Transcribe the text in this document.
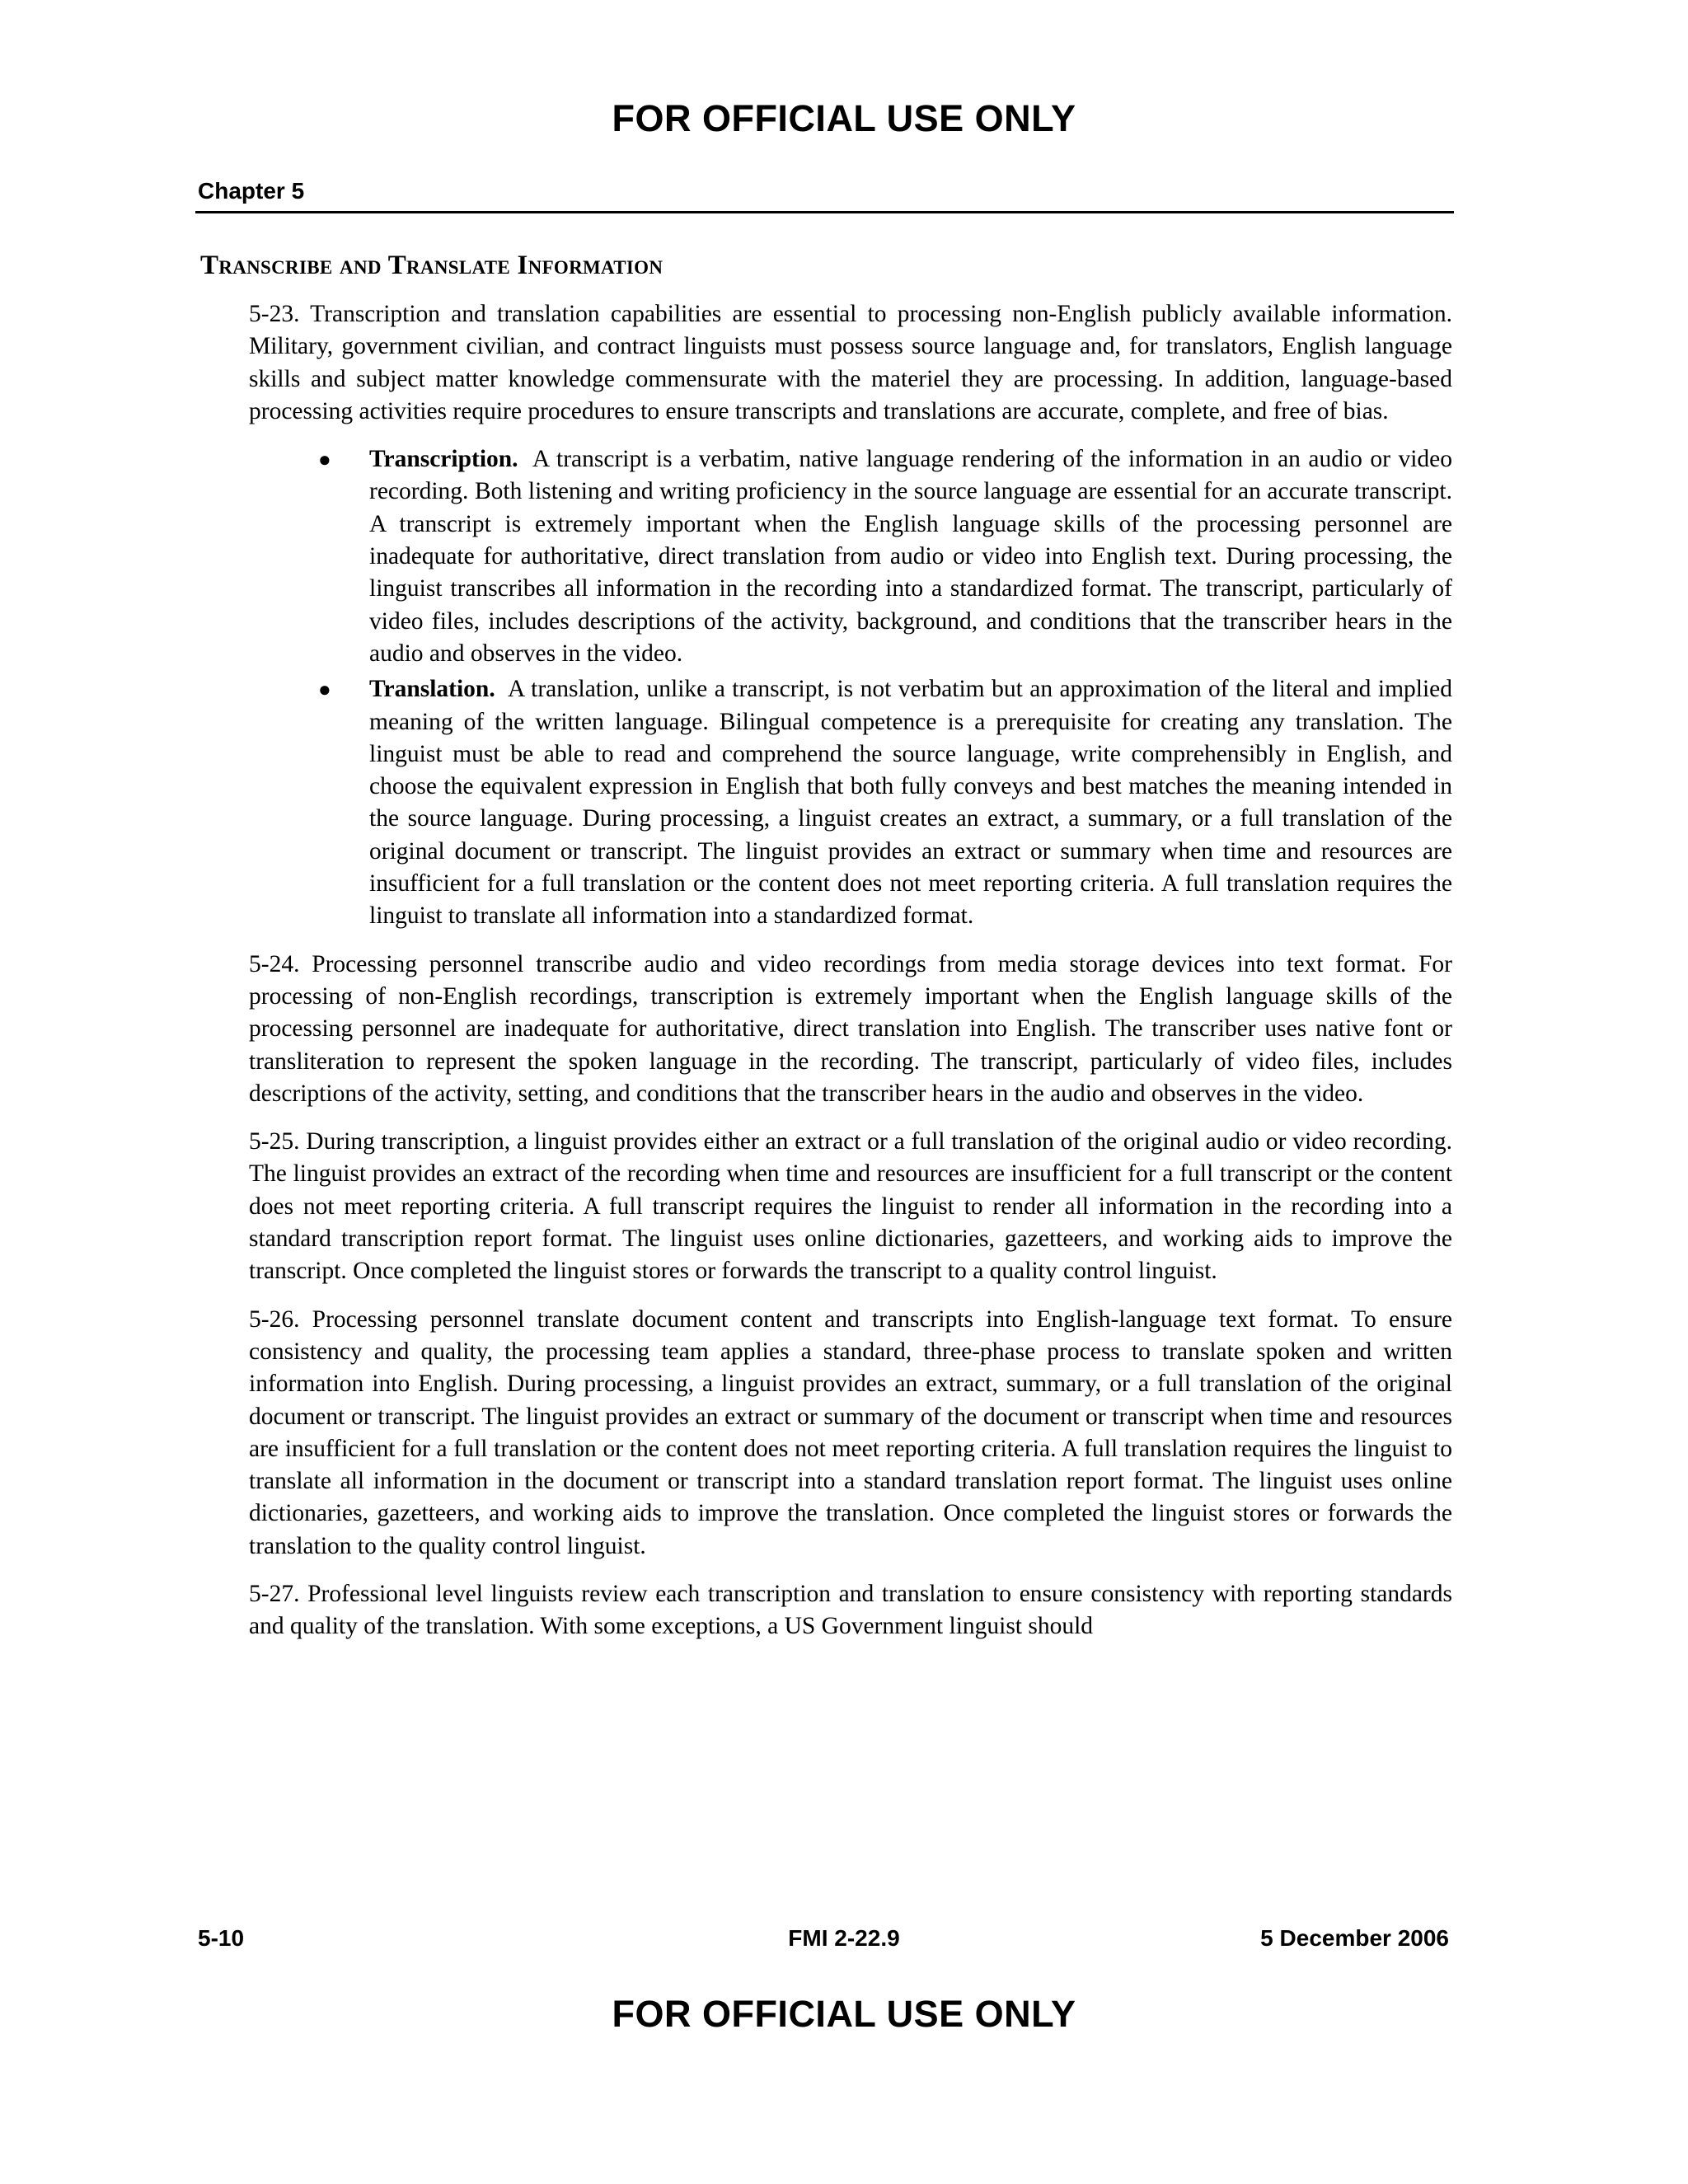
FOR OFFICIAL USE ONLY
Chapter 5
Transcribe and Translate Information

5-23. Transcription and translation capabilities are essential to processing non-English publicly available information. Military, government civilian, and contract linguists must possess source language and, for translators, English language skills and subject matter knowledge commensurate with the materiel they are processing. In addition, language-based processing activities require procedures to ensure transcripts and translations are accurate, complete, and free of bias.

● Transcription. A transcript is a verbatim, native language rendering of the information in an audio or video recording. Both listening and writing proficiency in the source language are essential for an accurate transcript. A transcript is extremely important when the English language skills of the processing personnel are inadequate for authoritative, direct translation from audio or video into English text. During processing, the linguist transcribes all information in the recording into a standardized format. The transcript, particularly of video files, includes descriptions of the activity, background, and conditions that the transcriber hears in the audio and observes in the video.
● Translation. A translation, unlike a transcript, is not verbatim but an approximation of the literal and implied meaning of the written language. Bilingual competence is a prerequisite for creating any translation. The linguist must be able to read and comprehend the source language, write comprehensibly in English, and choose the equivalent expression in English that both fully conveys and best matches the meaning intended in the source language. During processing, a linguist creates an extract, a summary, or a full translation of the original document or transcript. The linguist provides an extract or summary when time and resources are insufficient for a full translation or the content does not meet reporting criteria. A full translation requires the linguist to translate all information into a standardized format.

5-24. Processing personnel transcribe audio and video recordings from media storage devices into text format. For processing of non-English recordings, transcription is extremely important when the English language skills of the processing personnel are inadequate for authoritative, direct translation into English. The transcriber uses native font or transliteration to represent the spoken language in the recording. The transcript, particularly of video files, includes descriptions of the activity, setting, and conditions that the transcriber hears in the audio and observes in the video.

5-25. During transcription, a linguist provides either an extract or a full translation of the original audio or video recording. The linguist provides an extract of the recording when time and resources are insufficient for a full transcript or the content does not meet reporting criteria. A full transcript requires the linguist to render all information in the recording into a standard transcription report format. The linguist uses online dictionaries, gazetteers, and working aids to improve the transcript. Once completed the linguist stores or forwards the transcript to a quality control linguist.

5-26. Processing personnel translate document content and transcripts into English-language text format. To ensure consistency and quality, the processing team applies a standard, three-phase process to translate spoken and written information into English. During processing, a linguist provides an extract, summary, or a full translation of the original document or transcript. The linguist provides an extract or summary of the document or transcript when time and resources are insufficient for a full translation or the content does not meet reporting criteria. A full translation requires the linguist to translate all information in the document or transcript into a standard translation report format. The linguist uses online dictionaries, gazetteers, and working aids to improve the translation. Once completed the linguist stores or forwards the translation to the quality control linguist.

5-27. Professional level linguists review each transcription and translation to ensure consistency with reporting standards and quality of the translation. With some exceptions, a US Government linguist should

5-10	FMI 2-22.9	5 December 2006
FOR OFFICIAL USE ONLY
